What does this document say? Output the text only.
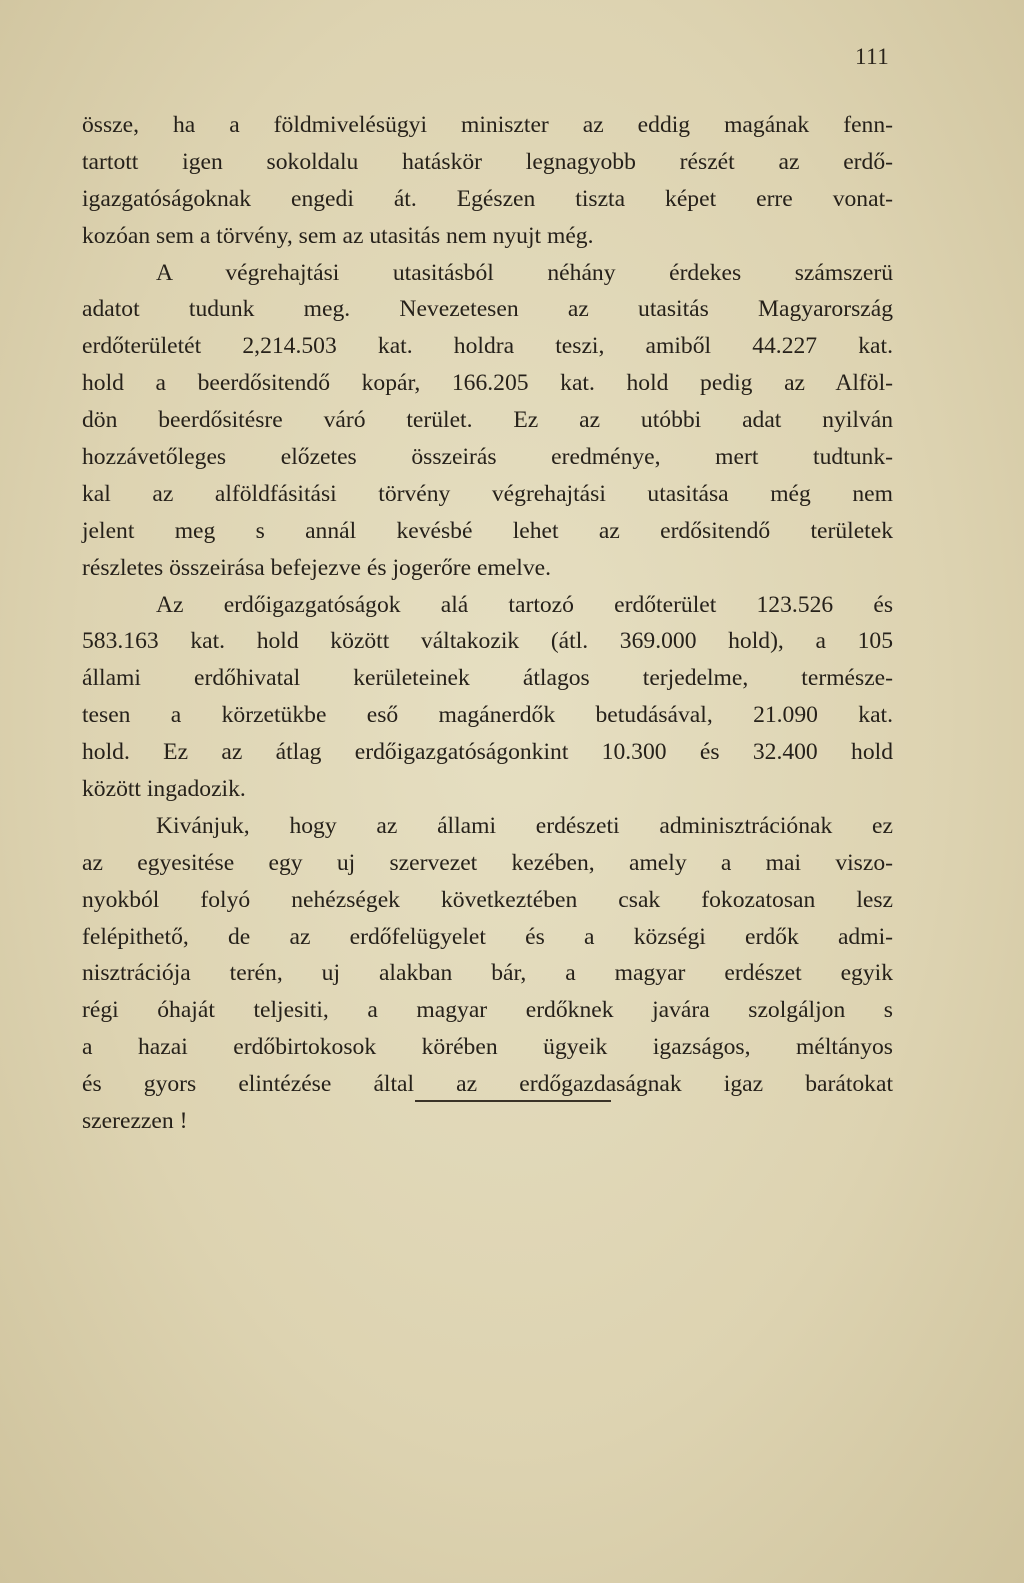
111
össze, ha a földmivelésügyi miniszter az eddig magának fenn-
tartott igen sokoldalu hatáskör legnagyobb részét az erdő-
igazgatóságoknak engedi át. Egészen tiszta képet erre vonat-
kozóan sem a törvény, sem az utasitás nem nyujt még.
A végrehajtási utasitásból néhány érdekes számszerü
adatot tudunk meg. Nevezetesen az utasitás Magyarország
erdőterületét 2,214.503 kat. holdra teszi, amiből 44.227 kat.
hold a beerdősitendő kopár, 166.205 kat. hold pedig az Alföl-
dön beerdősitésre váró terület. Ez az utóbbi adat nyilván
hozzávetőleges előzetes összeirás eredménye, mert tudtunk-
kal az alföldfásitási törvény végrehajtási utasitása még nem
jelent meg s annál kevésbé lehet az erdősitendő területek
részletes összeirása befejezve és jogerőre emelve.
Az erdőigazgatóságok alá tartozó erdőterület 123.526 és
583.163 kat. hold között váltakozik (átl. 369.000 hold), a 105
állami erdőhivatal kerületeinek átlagos terjedelme, természe-
tesen a körzetükbe eső magánerdők betudásával, 21.090 kat.
hold. Ez az átlag erdőigazgatóságonkint 10.300 és 32.400 hold
között ingadozik.
Kivánjuk, hogy az állami erdészeti adminisztrációnak ez
az egyesitése egy uj szervezet kezében, amely a mai viszo-
nyokból folyó nehézségek következtében csak fokozatosan lesz
felépithető, de az erdőfelügyelet és a községi erdők admi-
nisztrációja terén, uj alakban bár, a magyar erdészet egyik
régi óhaját teljesiti, a magyar erdőknek javára szolgáljon s
a hazai erdőbirtokosok körében ügyeik igazságos, méltányos
és gyors elintézése által az erdőgazdaságnak igaz barátokat
szerezzen !
